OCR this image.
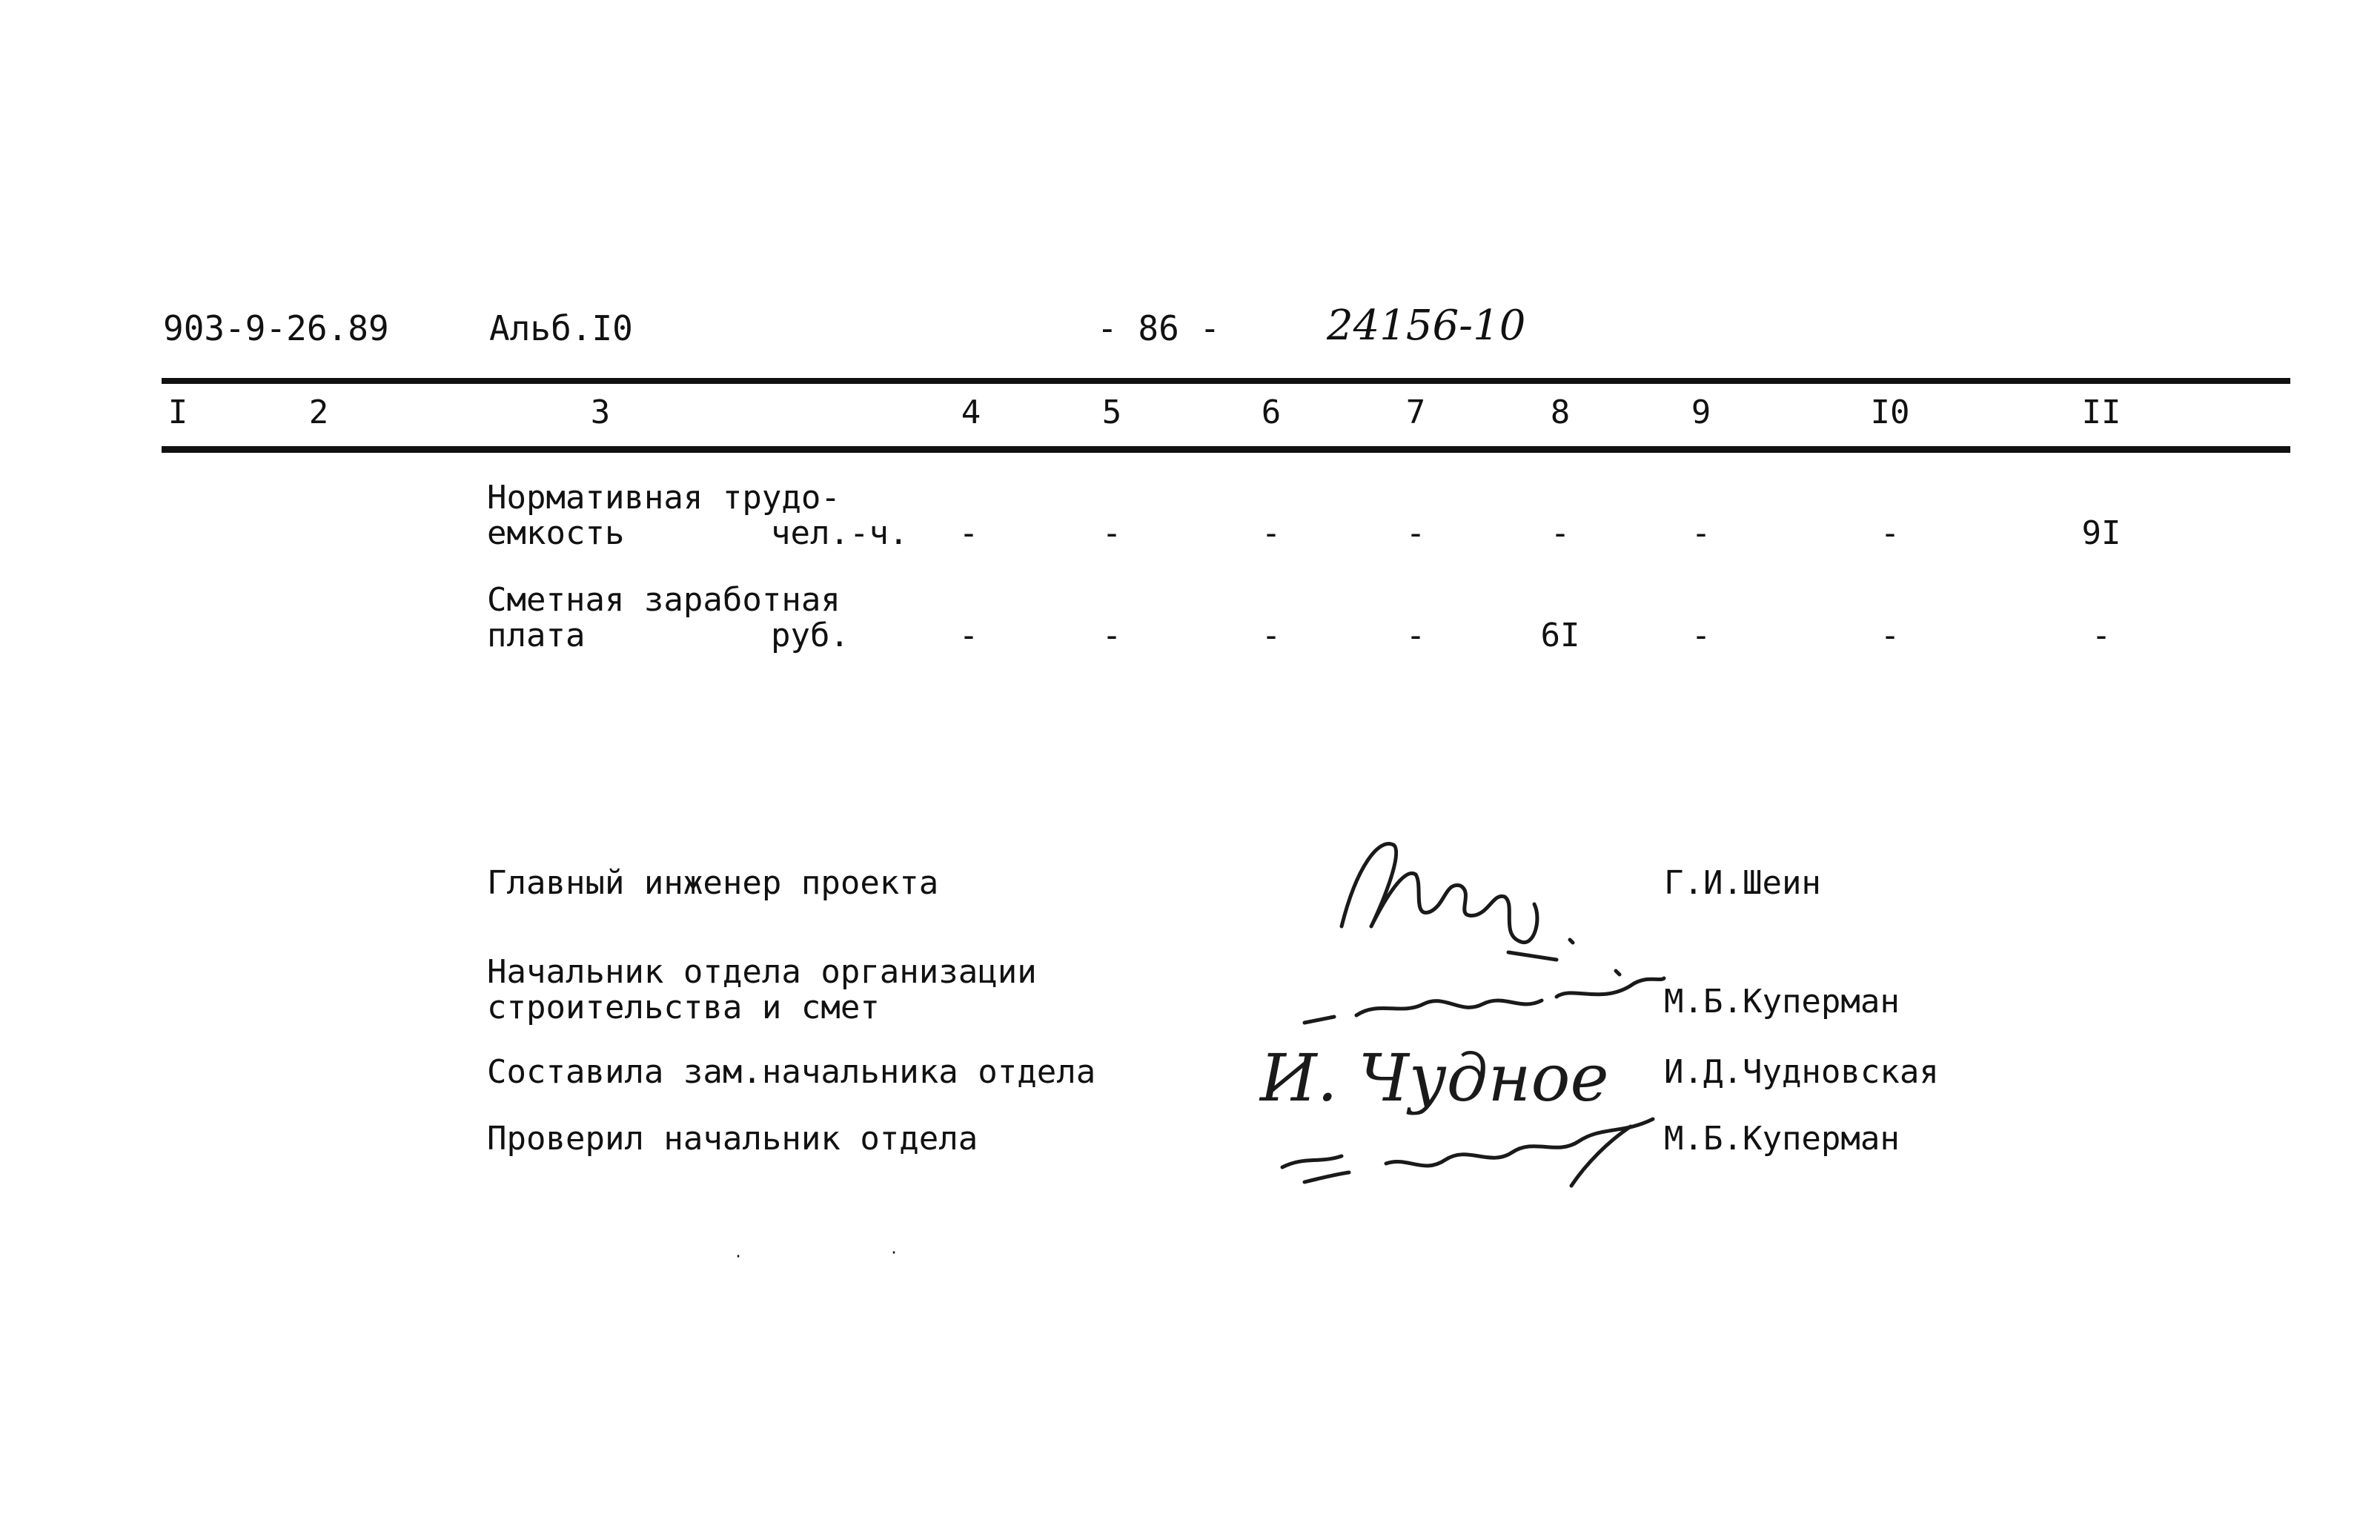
903-9-26.89	Альб.I0	- 86 -	24156-10
I	2	3	4	5	6	7	8	9	I0	II
Нормативная трудо-
емкость	чел.-ч.	-	-	-	-	-	-	-	9I
Сметная заработная
плата	руб.	-	-	-	-	6I	-	-	-
Главный инженер проекта
Начальник отдела организации
строительства и смет
Составила зам.начальника отдела
Проверил начальник отдела
Г.И.Шеин
М.Б.Куперман
И.Д.Чудновская
М.Б.Куперман
И. Чудное
·	·
